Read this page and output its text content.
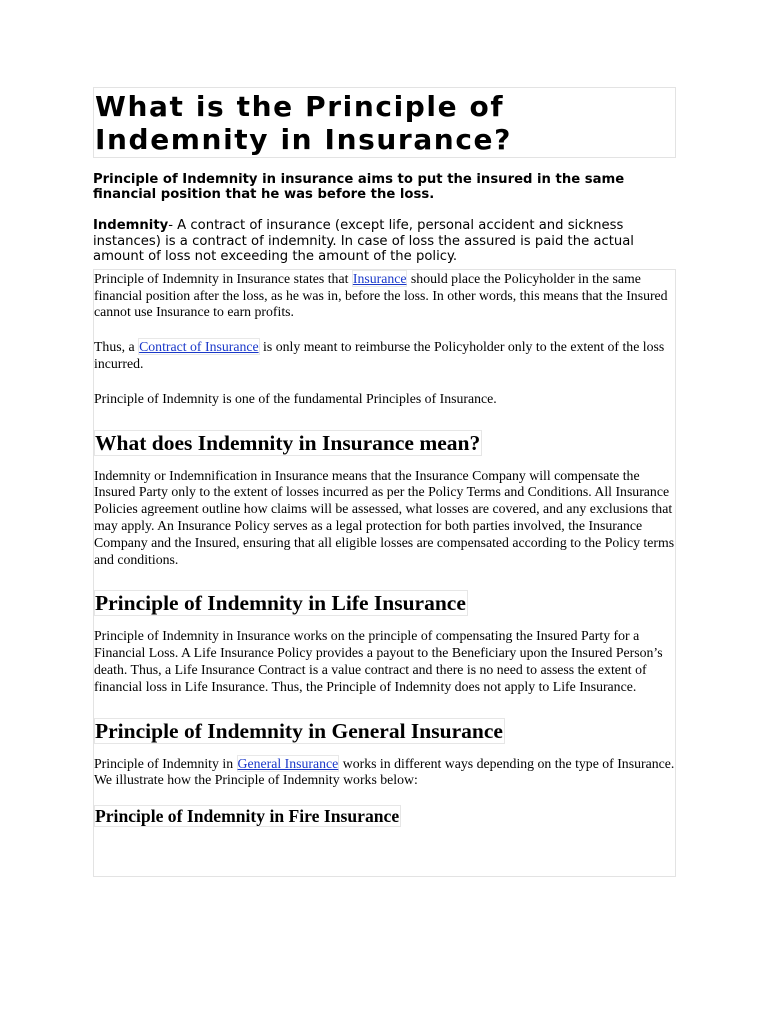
What is the Principle of Indemnity in Insurance?

Principle of Indemnity in insurance aims to put the insured in the same financial position that he was before the loss.

Indemnity- A contract of insurance (except life, personal accident and sickness instances) is a contract of indemnity. In case of loss the assured is paid the actual amount of loss not exceeding the amount of the policy.

Principle of Indemnity in Insurance states that Insurance should place the Policyholder in the same financial position after the loss, as he was in, before the loss. In other words, this means that the Insured cannot use Insurance to earn profits.

Thus, a Contract of Insurance is only meant to reimburse the Policyholder only to the extent of the loss incurred.

Principle of Indemnity is one of the fundamental Principles of Insurance.

What does Indemnity in Insurance mean?

Indemnity or Indemnification in Insurance means that the Insurance Company will compensate the Insured Party only to the extent of losses incurred as per the Policy Terms and Conditions. All Insurance Policies agreement outline how claims will be assessed, what losses are covered, and any exclusions that may apply. An Insurance Policy serves as a legal protection for both parties involved, the Insurance Company and the Insured, ensuring that all eligible losses are compensated according to the Policy terms and conditions.

Principle of Indemnity in Life Insurance

Principle of Indemnity in Insurance works on the principle of compensating the Insured Party for a Financial Loss. A Life Insurance Policy provides a payout to the Beneficiary upon the Insured Person’s death. Thus, a Life Insurance Contract is a value contract and there is no need to assess the extent of financial loss in Life Insurance. Thus, the Principle of Indemnity does not apply to Life Insurance.

Principle of Indemnity in General Insurance

Principle of Indemnity in General Insurance works in different ways depending on the type of Insurance. We illustrate how the Principle of Indemnity works below:

Principle of Indemnity in Fire Insurance
